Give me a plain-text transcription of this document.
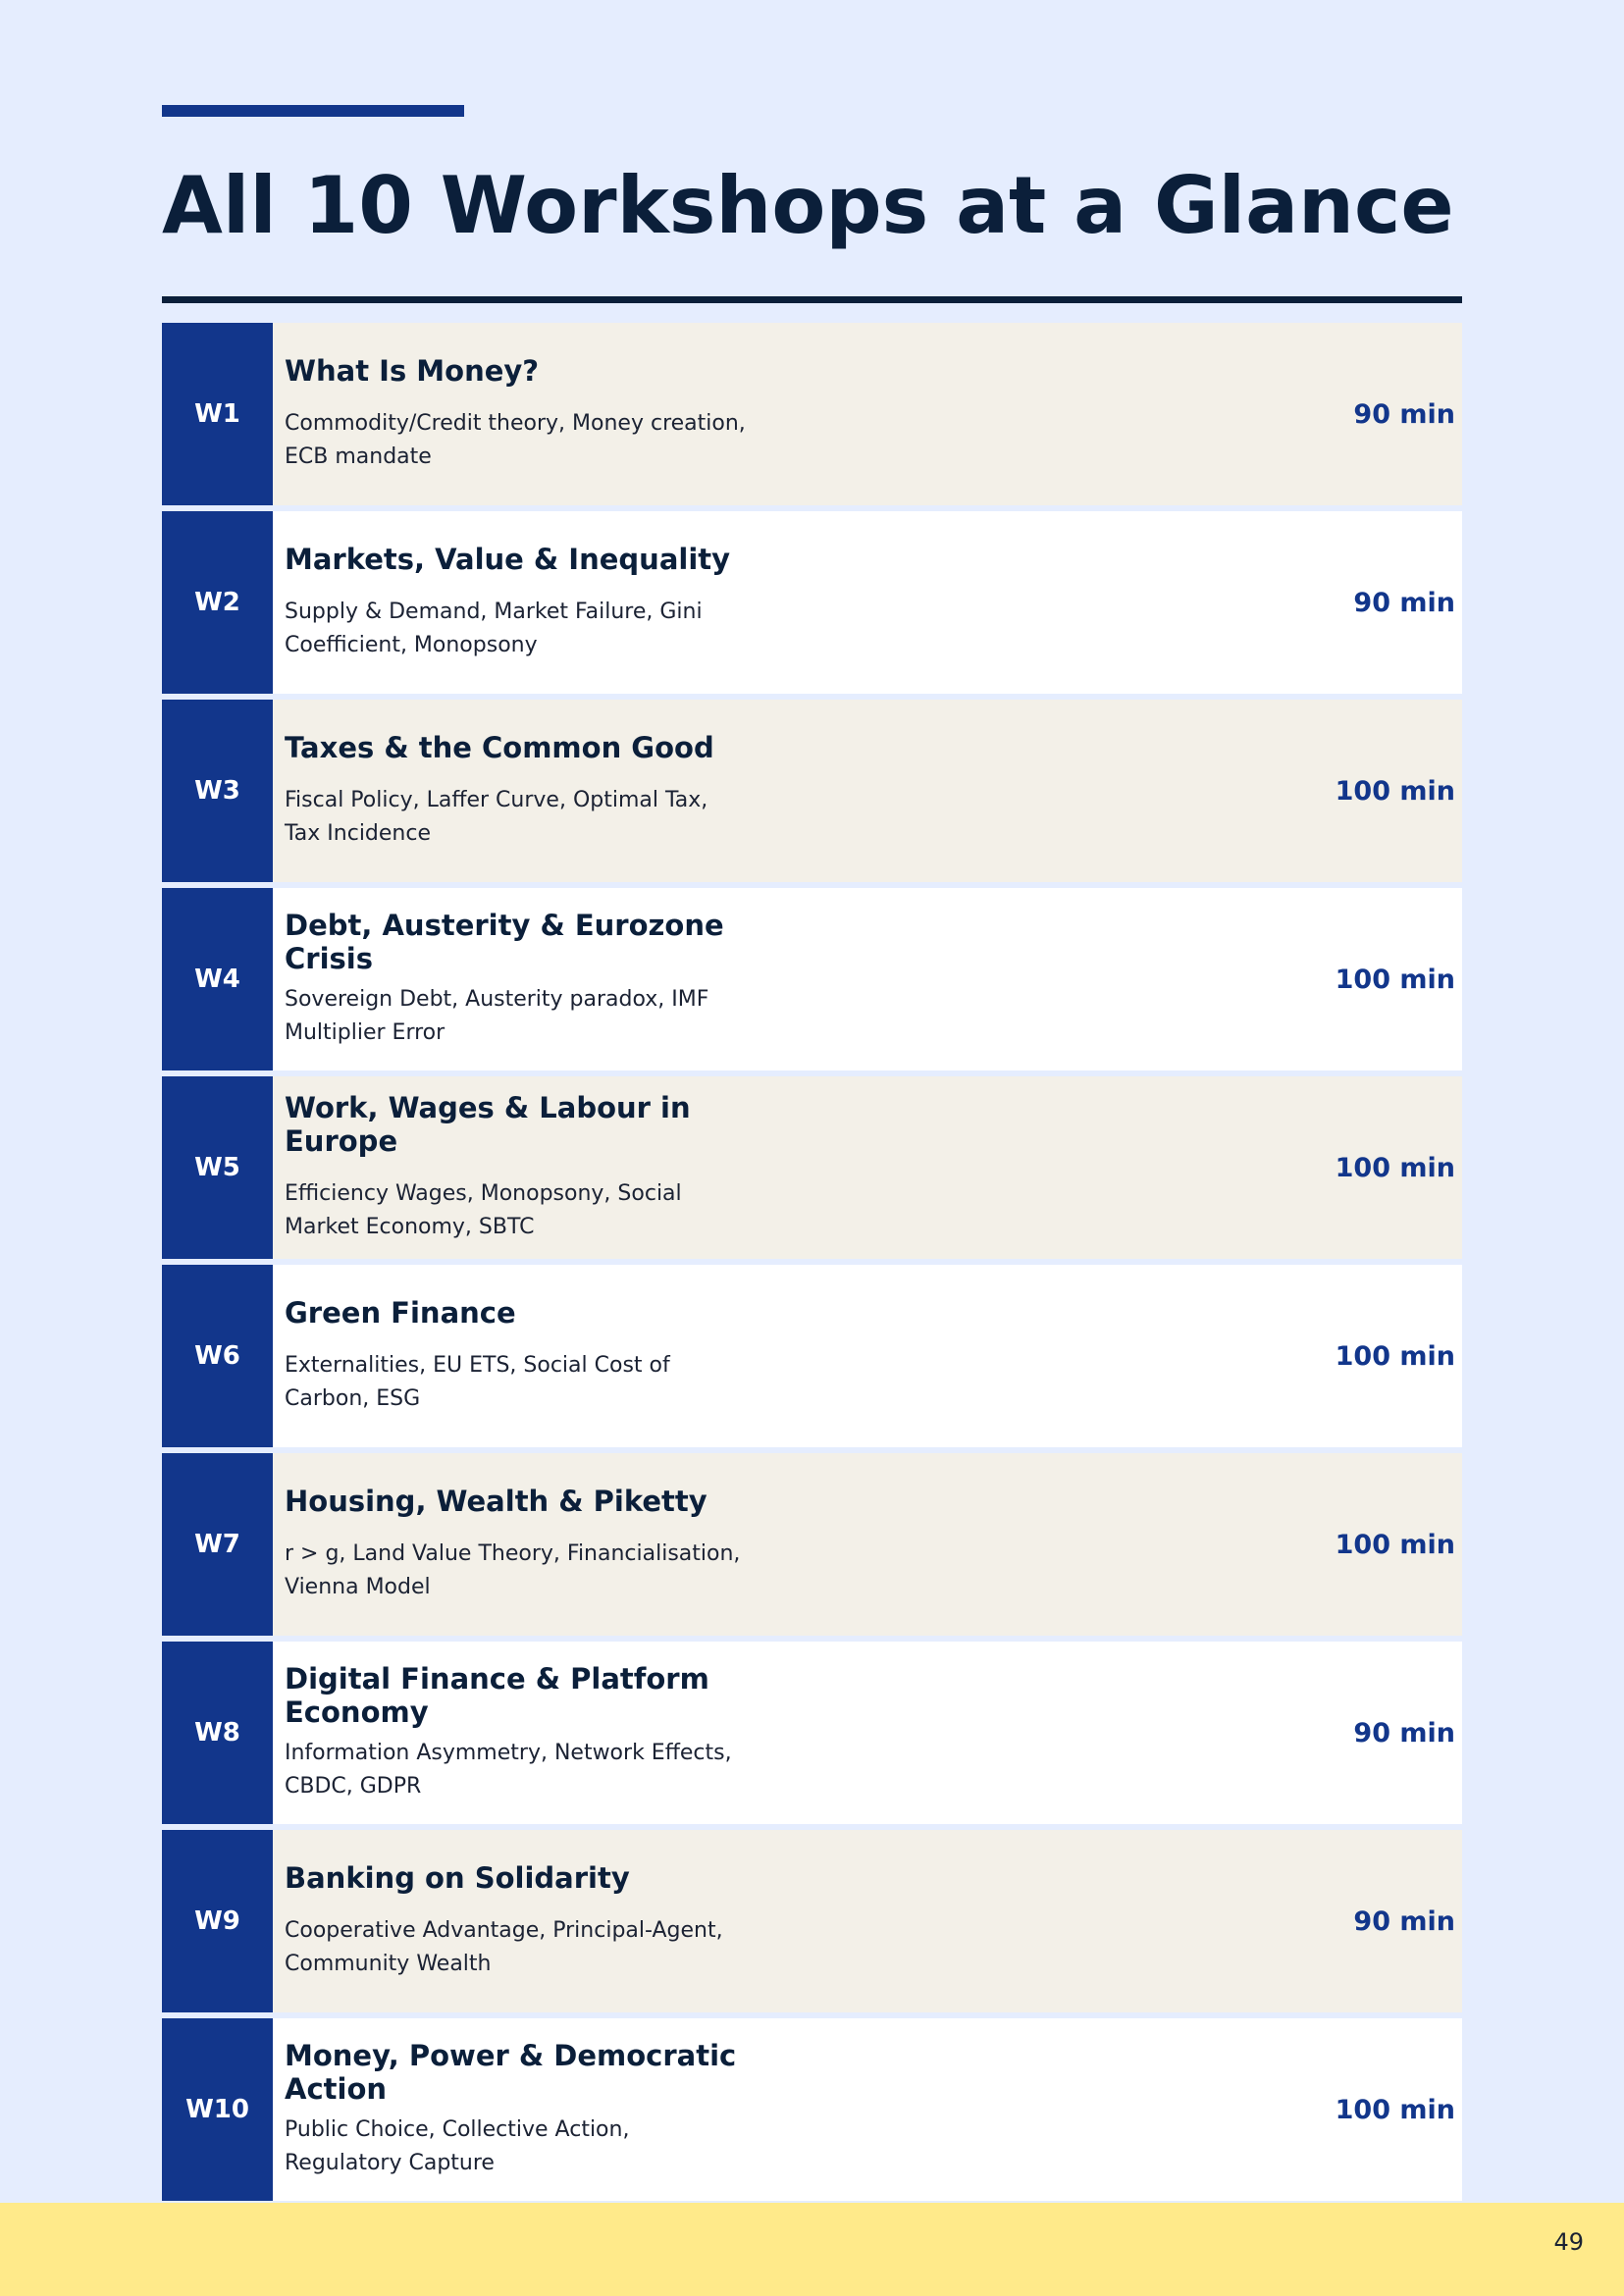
All 10 Workshops at a Glance
W1
What Is Money?
Commodity/Credit theory, Money creation, ECB mandate
90 min
W2
Markets, Value & Inequality
Supply & Demand, Market Failure, Gini Coefficient, Monopsony
90 min
W3
Taxes & the Common Good
Fiscal Policy, Laffer Curve, Optimal Tax, Tax Incidence
100 min
W4
Debt, Austerity & Eurozone Crisis
Sovereign Debt, Austerity paradox, IMF Multiplier Error
100 min
W5
Work, Wages & Labour in Europe
Efficiency Wages, Monopsony, Social Market Economy, SBTC
100 min
W6
Green Finance
Externalities, EU ETS, Social Cost of Carbon, ESG
100 min
W7
Housing, Wealth & Piketty
r > g, Land Value Theory, Financialisation, Vienna Model
100 min
W8
Digital Finance & Platform Economy
Information Asymmetry, Network Effects, CBDC, GDPR
90 min
W9
Banking on Solidarity
Cooperative Advantage, Principal-Agent, Community Wealth
90 min
W10
Money, Power & Democratic Action
Public Choice, Collective Action, Regulatory Capture
100 min
49
